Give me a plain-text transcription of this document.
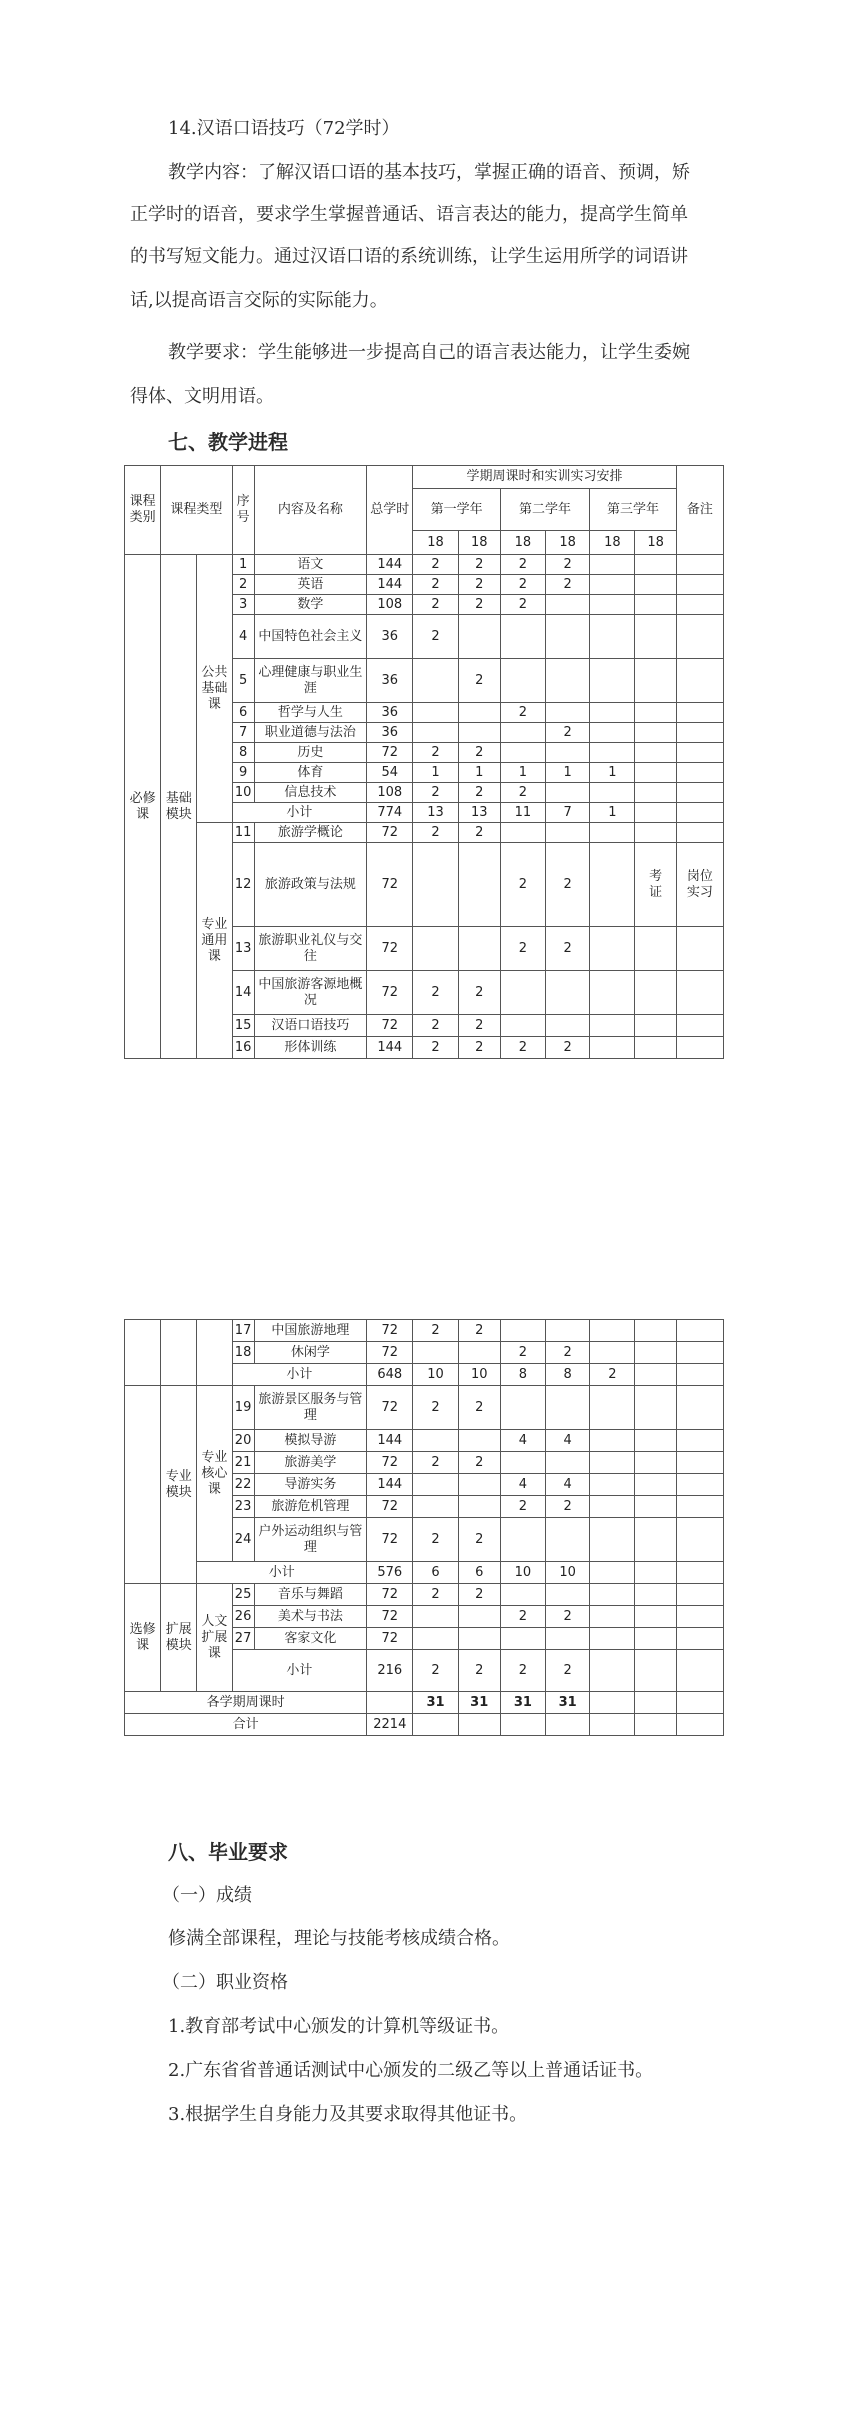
14.汉语口语技巧（72学时）
教学内容：了解汉语口语的基本技巧，掌握正确的语音、预调，矫
正学时的语音，要求学生掌握普通话、语言表达的能力，提高学生简单
的书写短文能力。通过汉语口语的系统训练，让学生运用所学的词语讲
话,以提高语言交际的实际能力。
教学要求：学生能够进一步提高自己的语言表达能力，让学生委婉
得体、文明用语。
七、教学进程
课程类别	课程类型		序号	内容及名称	总学时	学期周课时和实训实习安排						备注
						第一学年		第二学年		第三学年		
						18	18	18	18	18	18	
必修课	基础模块	公共基础课	1	语文	144	2	2	2	2			
			2	英语	144	2	2	2	2			
			3	数学	108	2	2	2				
			4	中国特色社会主义	36	2						
			5	心理健康与职业生涯	36		2					
			6	哲学与人生	36			2				
			7	职业道德与法治	36				2			
			8	历史	72	2	2					
			9	体育	54	1	1	1	1	1		
			10	信息技术	108	2	2	2				
			小计		774	13	13	11	7	1		
		专业通用课	11	旅游学概论	72	2	2					
			12	旅游政策与法规	72			2	2		考证	岗位实习
			13	旅游职业礼仪与交往	72			2	2			
			14	中国旅游客源地概况	72	2	2					
			15	汉语口语技巧	72	2	2					
			16	形体训练	144	2	2	2	2			
			17	中国旅游地理	72	2	2					
			18	休闲学	72			2	2			
			小计		648	10	10	8	8	2		
	专业模块	专业核心课	19	旅游景区服务与管理	72	2	2					
			20	模拟导游	144			4	4			
			21	旅游美学	72	2	2					
			22	导游实务	144			4	4			
			23	旅游危机管理	72			2	2			
			24	户外运动组织与管理	72	2	2					
		小计			576	6	6	10	10			
选修课	扩展模块	人文扩展课	25	音乐与舞蹈	72	2	2					
			26	美术与书法	72			2	2			
			27	客家文化	72							
			小计		216	2	2	2	2			
各学期周课时						31	31	31	31			
合计					2214							
八、毕业要求
（一）成绩
修满全部课程，理论与技能考核成绩合格。
（二）职业资格
1.教育部考试中心颁发的计算机等级证书。
2.广东省省普通话测试中心颁发的二级乙等以上普通话证书。
3.根据学生自身能力及其要求取得其他证书。
